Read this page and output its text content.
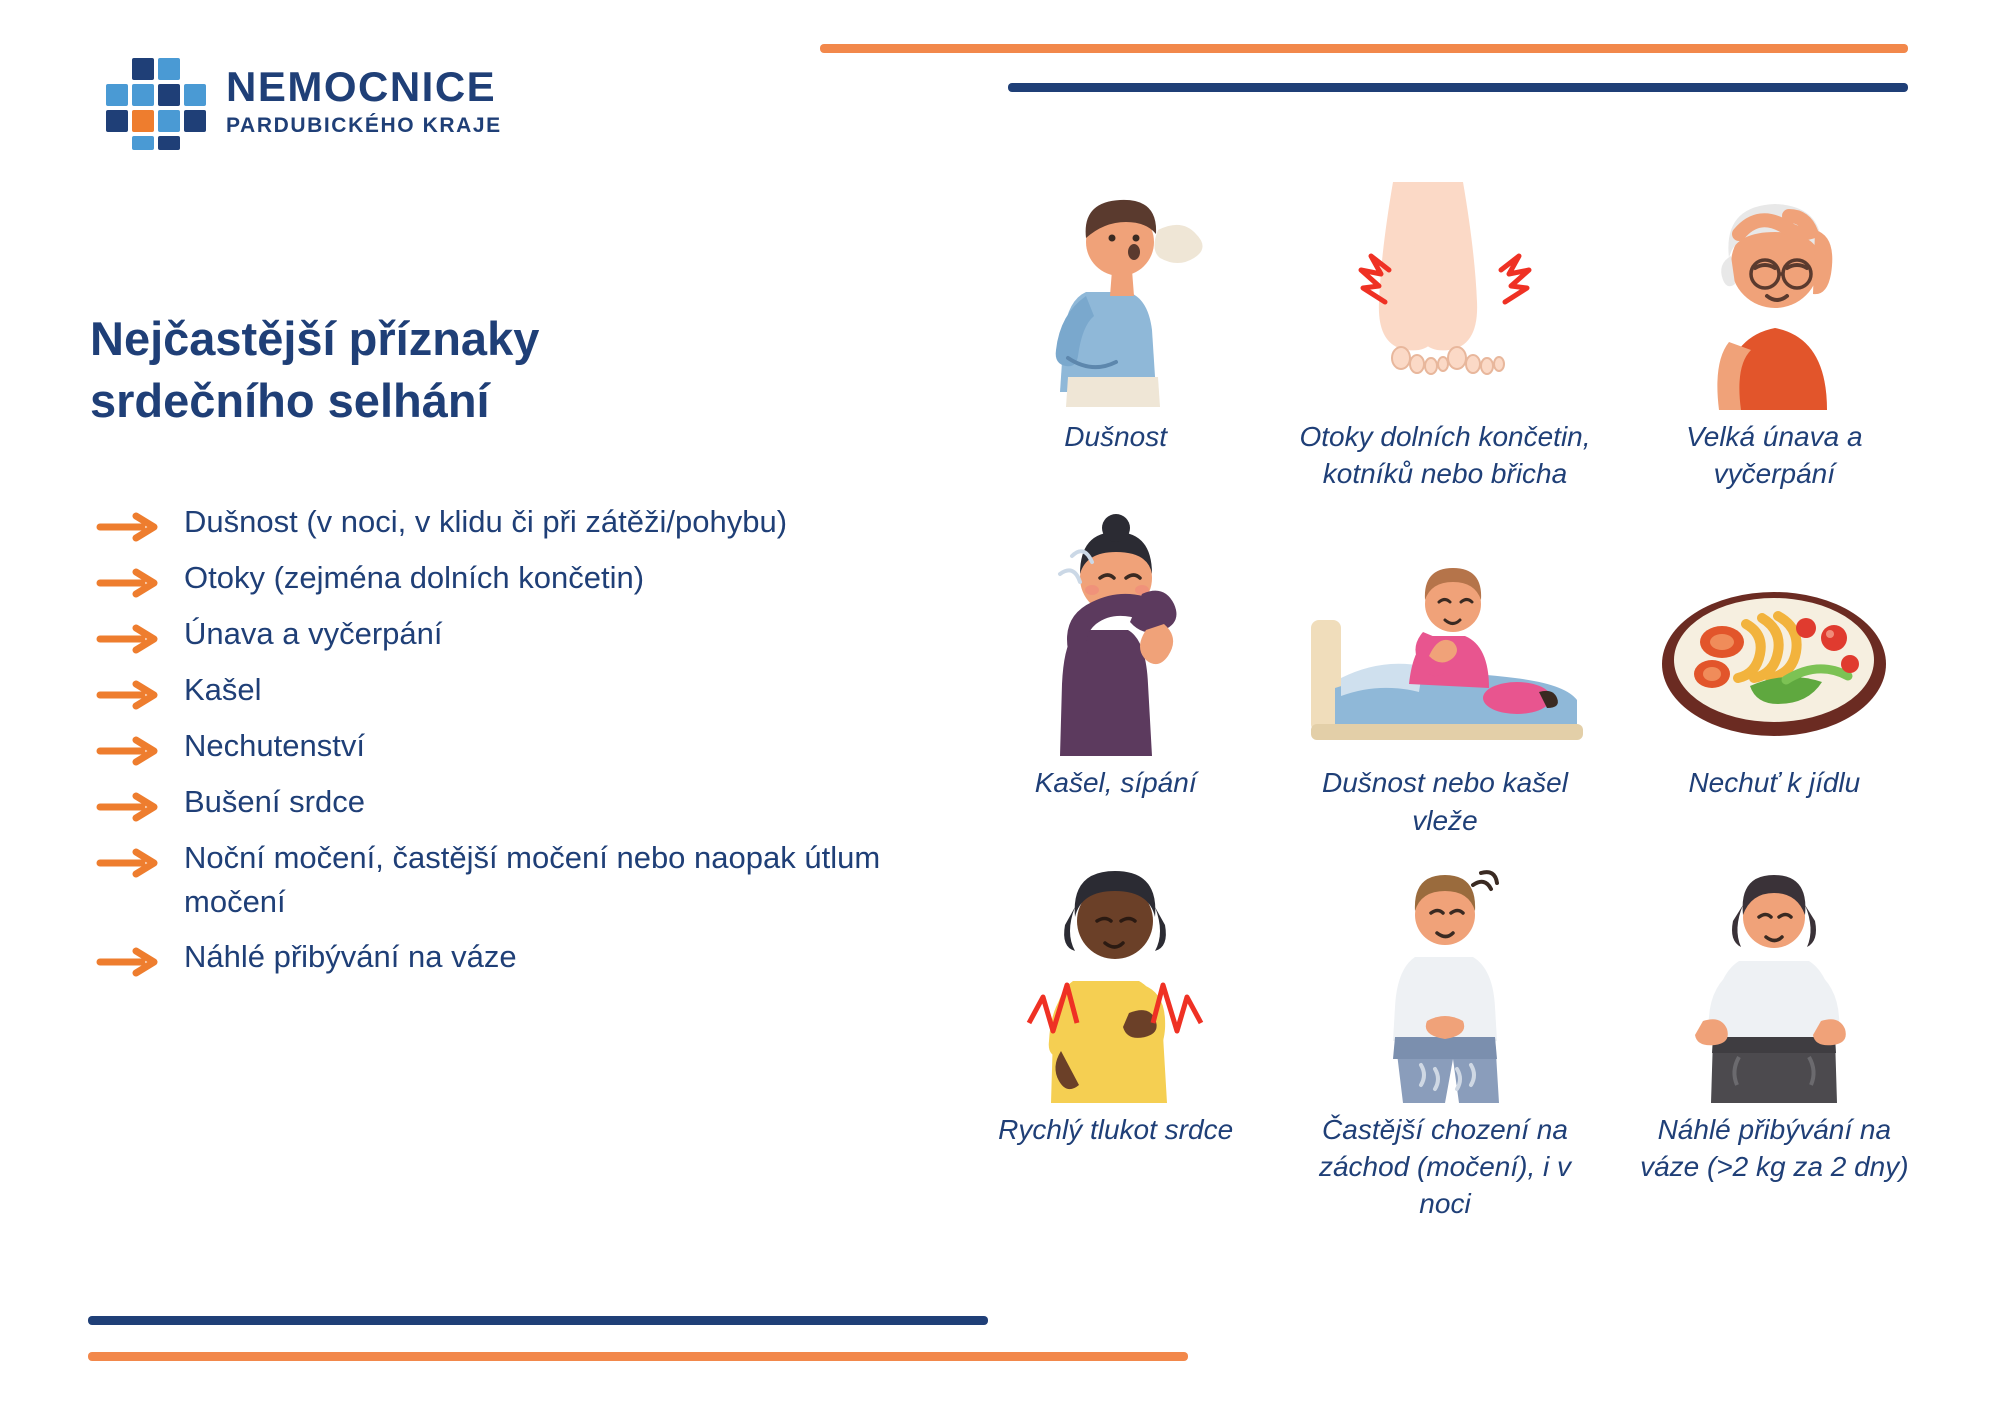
NEMOCNICE
PARDUBICKÉHO KRAJE
Nejčastější příznaky srdečního selhání
Dušnost (v noci, v klidu či při zátěži/pohybu)
Otoky (zejména dolních končetin)
Únava a vyčerpání
Kašel
Nechutenství
Bušení srdce
Noční močení, častější močení nebo naopak útlum močení
Náhlé přibývání na váze
Dušnost	Otoky dolních končetin, kotníků nebo břicha
Velká únava a vyčerpání
Kašel, sípání	Dušnost nebo kašel vleže
Nechuť k jídlu
Rychlý tlukot srdce	Častější chození na záchod (močení), i v noci
Náhlé přibývání na váze (>2 kg za 2 dny)
